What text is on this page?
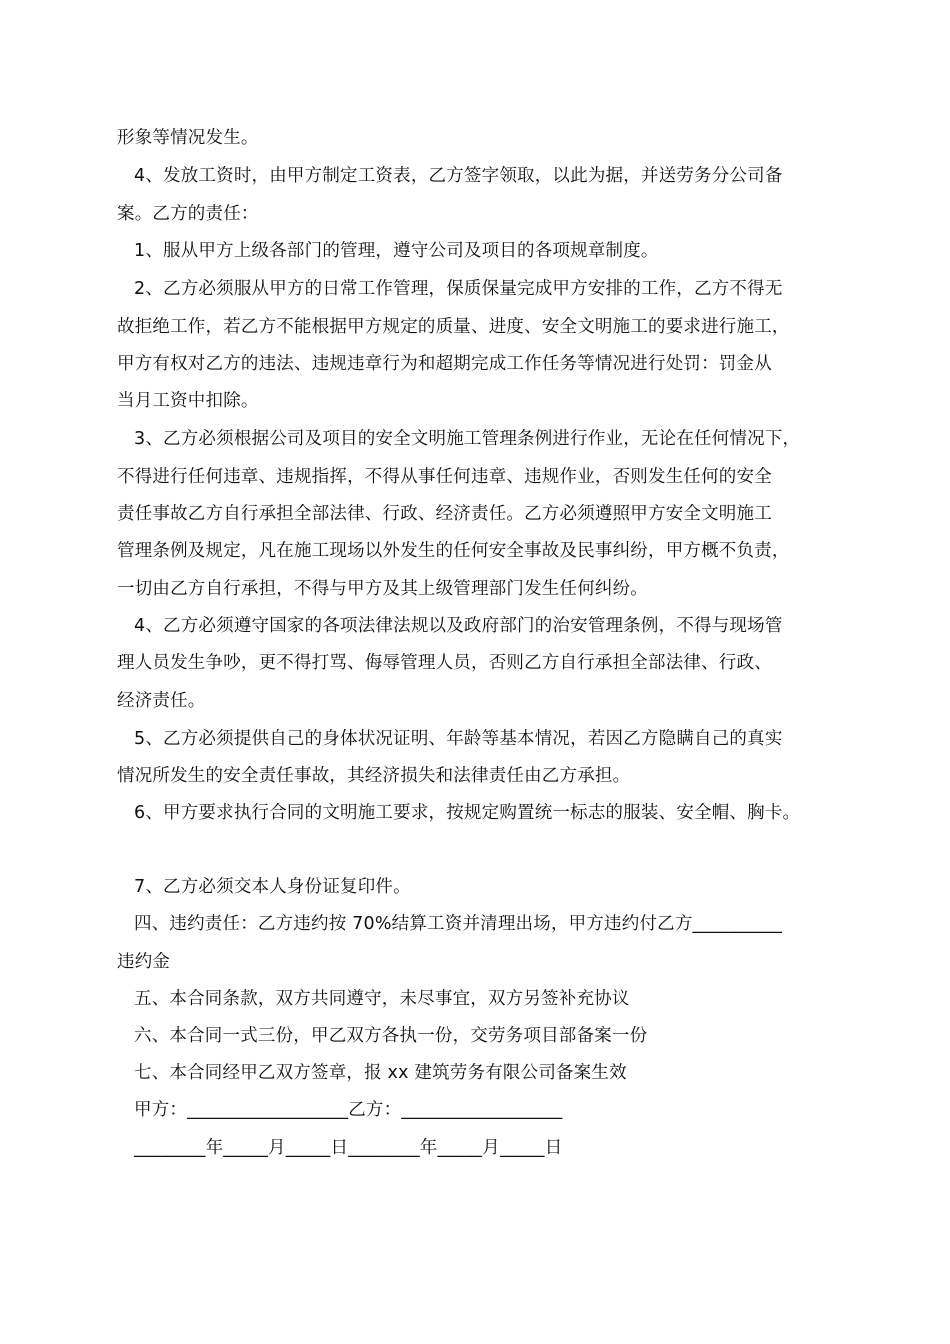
形象等情况发生。
4、发放工资时，由甲方制定工资表，乙方签字领取，以此为据，并送劳务分公司备
案。乙方的责任：
1、服从甲方上级各部门的管理，遵守公司及项目的各项规章制度。
2、乙方必须服从甲方的日常工作管理，保质保量完成甲方安排的工作，乙方不得无
故拒绝工作，若乙方不能根据甲方规定的质量、进度、安全文明施工的要求进行施工，
甲方有权对乙方的违法、违规违章行为和超期完成工作任务等情况进行处罚：罚金从
当月工资中扣除。
3、乙方必须根据公司及项目的安全文明施工管理条例进行作业，无论在任何情况下，
不得进行任何违章、违规指挥，不得从事任何违章、违规作业，否则发生任何的安全
责任事故乙方自行承担全部法律、行政、经济责任。乙方必须遵照甲方安全文明施工
管理条例及规定，凡在施工现场以外发生的任何安全事故及民事纠纷，甲方概不负责，
一切由乙方自行承担，不得与甲方及其上级管理部门发生任何纠纷。
4、乙方必须遵守国家的各项法律法规以及政府部门的治安管理条例，不得与现场管
理人员发生争吵，更不得打骂、侮辱管理人员，否则乙方自行承担全部法律、行政、
经济责任。
5、乙方必须提供自己的身体状况证明、年龄等基本情况，若因乙方隐瞒自己的真实
情况所发生的安全责任事故，其经济损失和法律责任由乙方承担。
6、甲方要求执行合同的文明施工要求，按规定购置统一标志的服装、安全帽、胸卡。
7、乙方必须交本人身份证复印件。
四、违约责任：乙方违约按 70%结算工资并清理出场，甲方违约付乙方__________
违约金
五、本合同条款，双方共同遵守，未尽事宜，双方另签补充协议
六、本合同一式三份，甲乙双方各执一份，交劳务项目部备案一份
七、本合同经甲乙双方签章，报 xx 建筑劳务有限公司备案生效
甲方：__________________乙方：__________________
________年_____月_____日________年_____月_____日
